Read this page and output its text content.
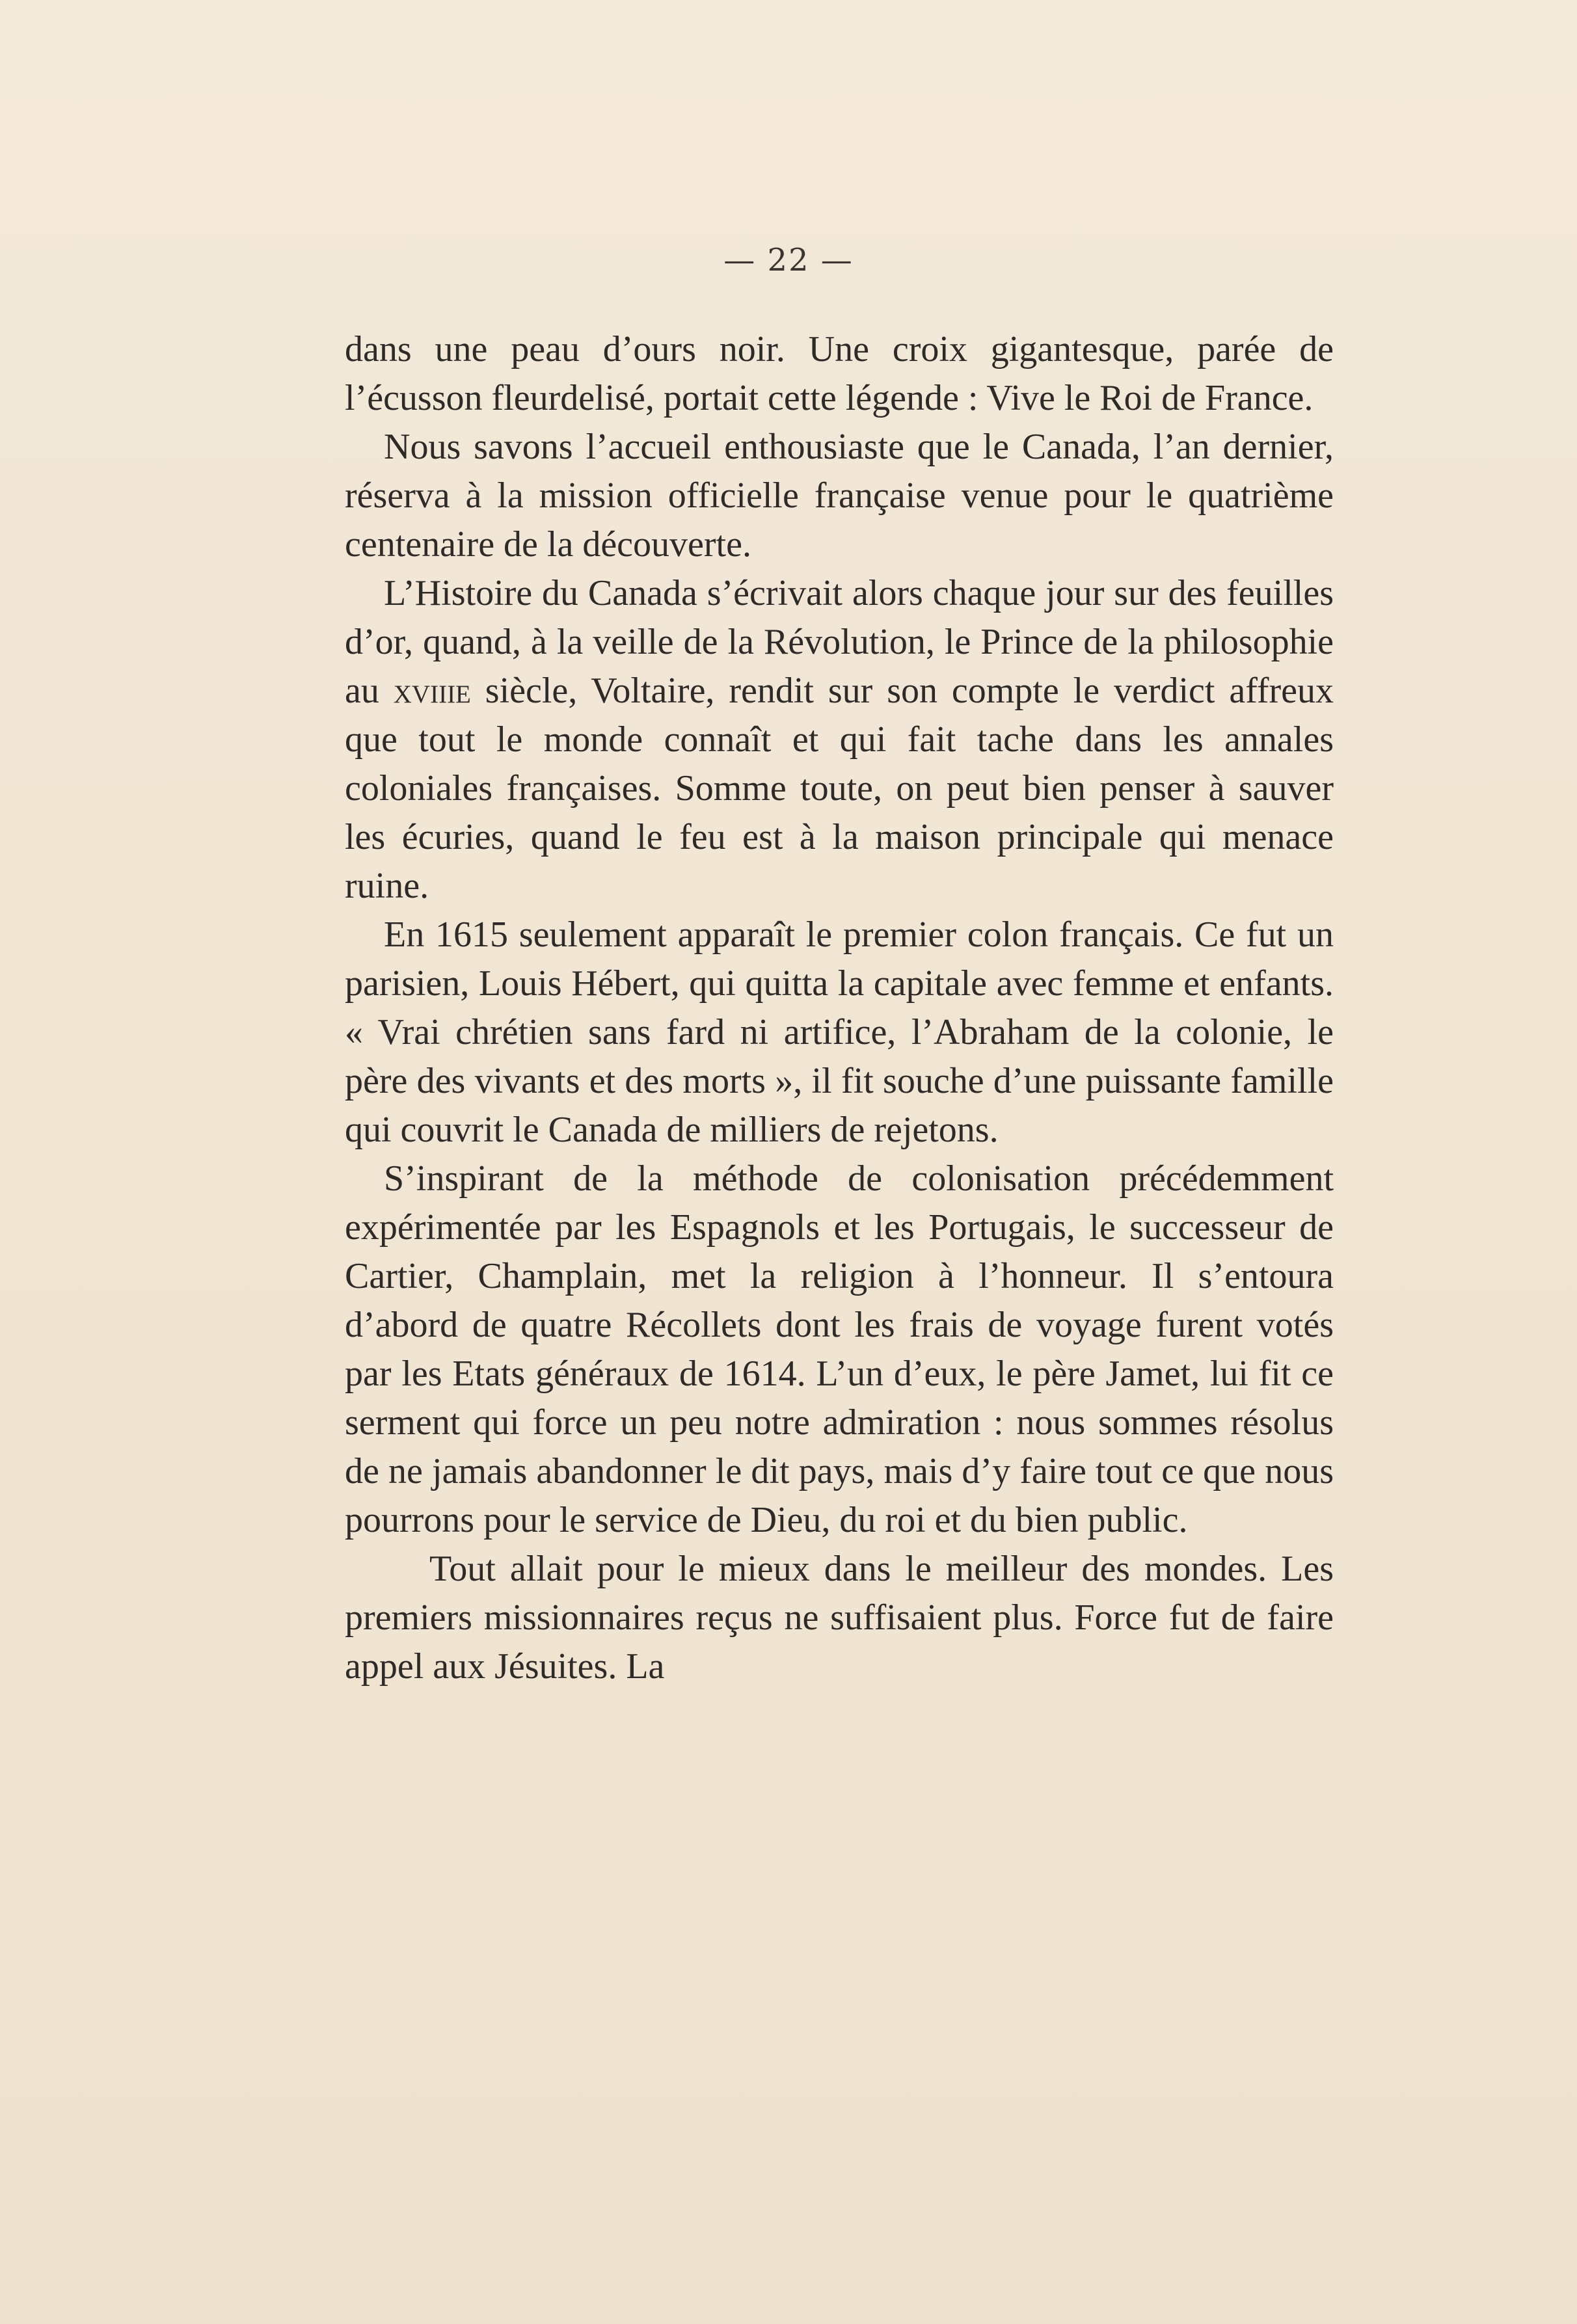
— 22 —

dans une peau d’ours noir. Une croix gigantesque, parée de l’écusson fleurdelisé, portait cette légende : Vive le Roi de France.

Nous savons l’accueil enthousiaste que le Canada, l’an dernier, réserva à la mission officielle française venue pour le quatrième centenaire de la découverte.

L’Histoire du Canada s’écrivait alors chaque jour sur des feuilles d’or, quand, à la veille de la Révolution, le Prince de la philosophie au xviiie siècle, Voltaire, rendit sur son compte le verdict affreux que tout le monde connaît et qui fait tache dans les annales coloniales françaises. Somme toute, on peut bien penser à sauver les écuries, quand le feu est à la maison principale qui menace ruine.

En 1615 seulement apparaît le premier colon français. Ce fut un parisien, Louis Hébert, qui quitta la capitale avec femme et enfants. « Vrai chrétien sans fard ni artifice, l’Abraham de la colonie, le père des vivants et des morts », il fit souche d’une puissante famille qui couvrit le Canada de milliers de rejetons.

S’inspirant de la méthode de colonisation précédemment expérimentée par les Espagnols et les Portugais, le successeur de Cartier, Champlain, met la religion à l’honneur. Il s’entoura d’abord de quatre Récollets dont les frais de voyage furent votés par les Etats généraux de 1614. L’un d’eux, le père Jamet, lui fit ce serment qui force un peu notre admiration : nous sommes résolus de ne jamais abandonner le dit pays, mais d’y faire tout ce que nous pourrons pour le service de Dieu, du roi et du bien public.

Tout allait pour le mieux dans le meilleur des mondes. Les premiers missionnaires reçus ne suffisaient plus. Force fut de faire appel aux Jésuites. La
